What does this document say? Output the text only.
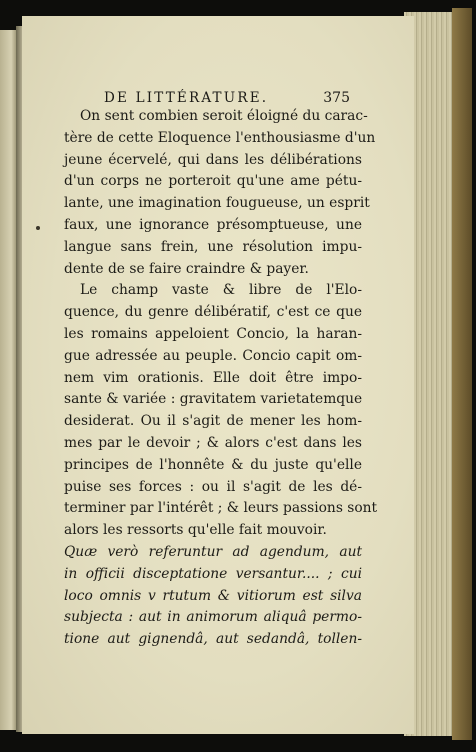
DE LITTÉRATURE.	375
On sent combien seroit éloigné du carac-
tère de cette Eloquence l'enthousiasme d'un
jeune écervelé, qui dans les délibérations
d'un corps ne porteroit qu'une ame pétu-
lante, une imagination fougueuse, un esprit
faux, une ignorance présomptueuse, une
langue sans frein, une résolution impu-
dente de se faire craindre & payer.
Le champ vaste & libre de l'Elo-
quence, du genre délibératif, c'est ce que
les romains appeloient Concio, la haran-
gue adressée au peuple. Concio capit om-
nem vim orationis. Elle doit être impo-
sante & variée : gravitatem varietatemque
desiderat. Ou il s'agit de mener les hom-
mes par le devoir ; & alors c'est dans les
principes de l'honnête & du juste qu'elle
puise ses forces : ou il s'agit de les dé-
terminer par l'intérêt ; & leurs passions sont
alors les ressorts qu'elle fait mouvoir.
Quæ verò referuntur ad agendum, aut
in officii disceptatione versantur.... ; cui
loco omnis v rtutum & vitiorum est silva
subjecta : aut in animorum aliquâ permo-
tione aut gignendâ, aut sedandâ, tollen-
